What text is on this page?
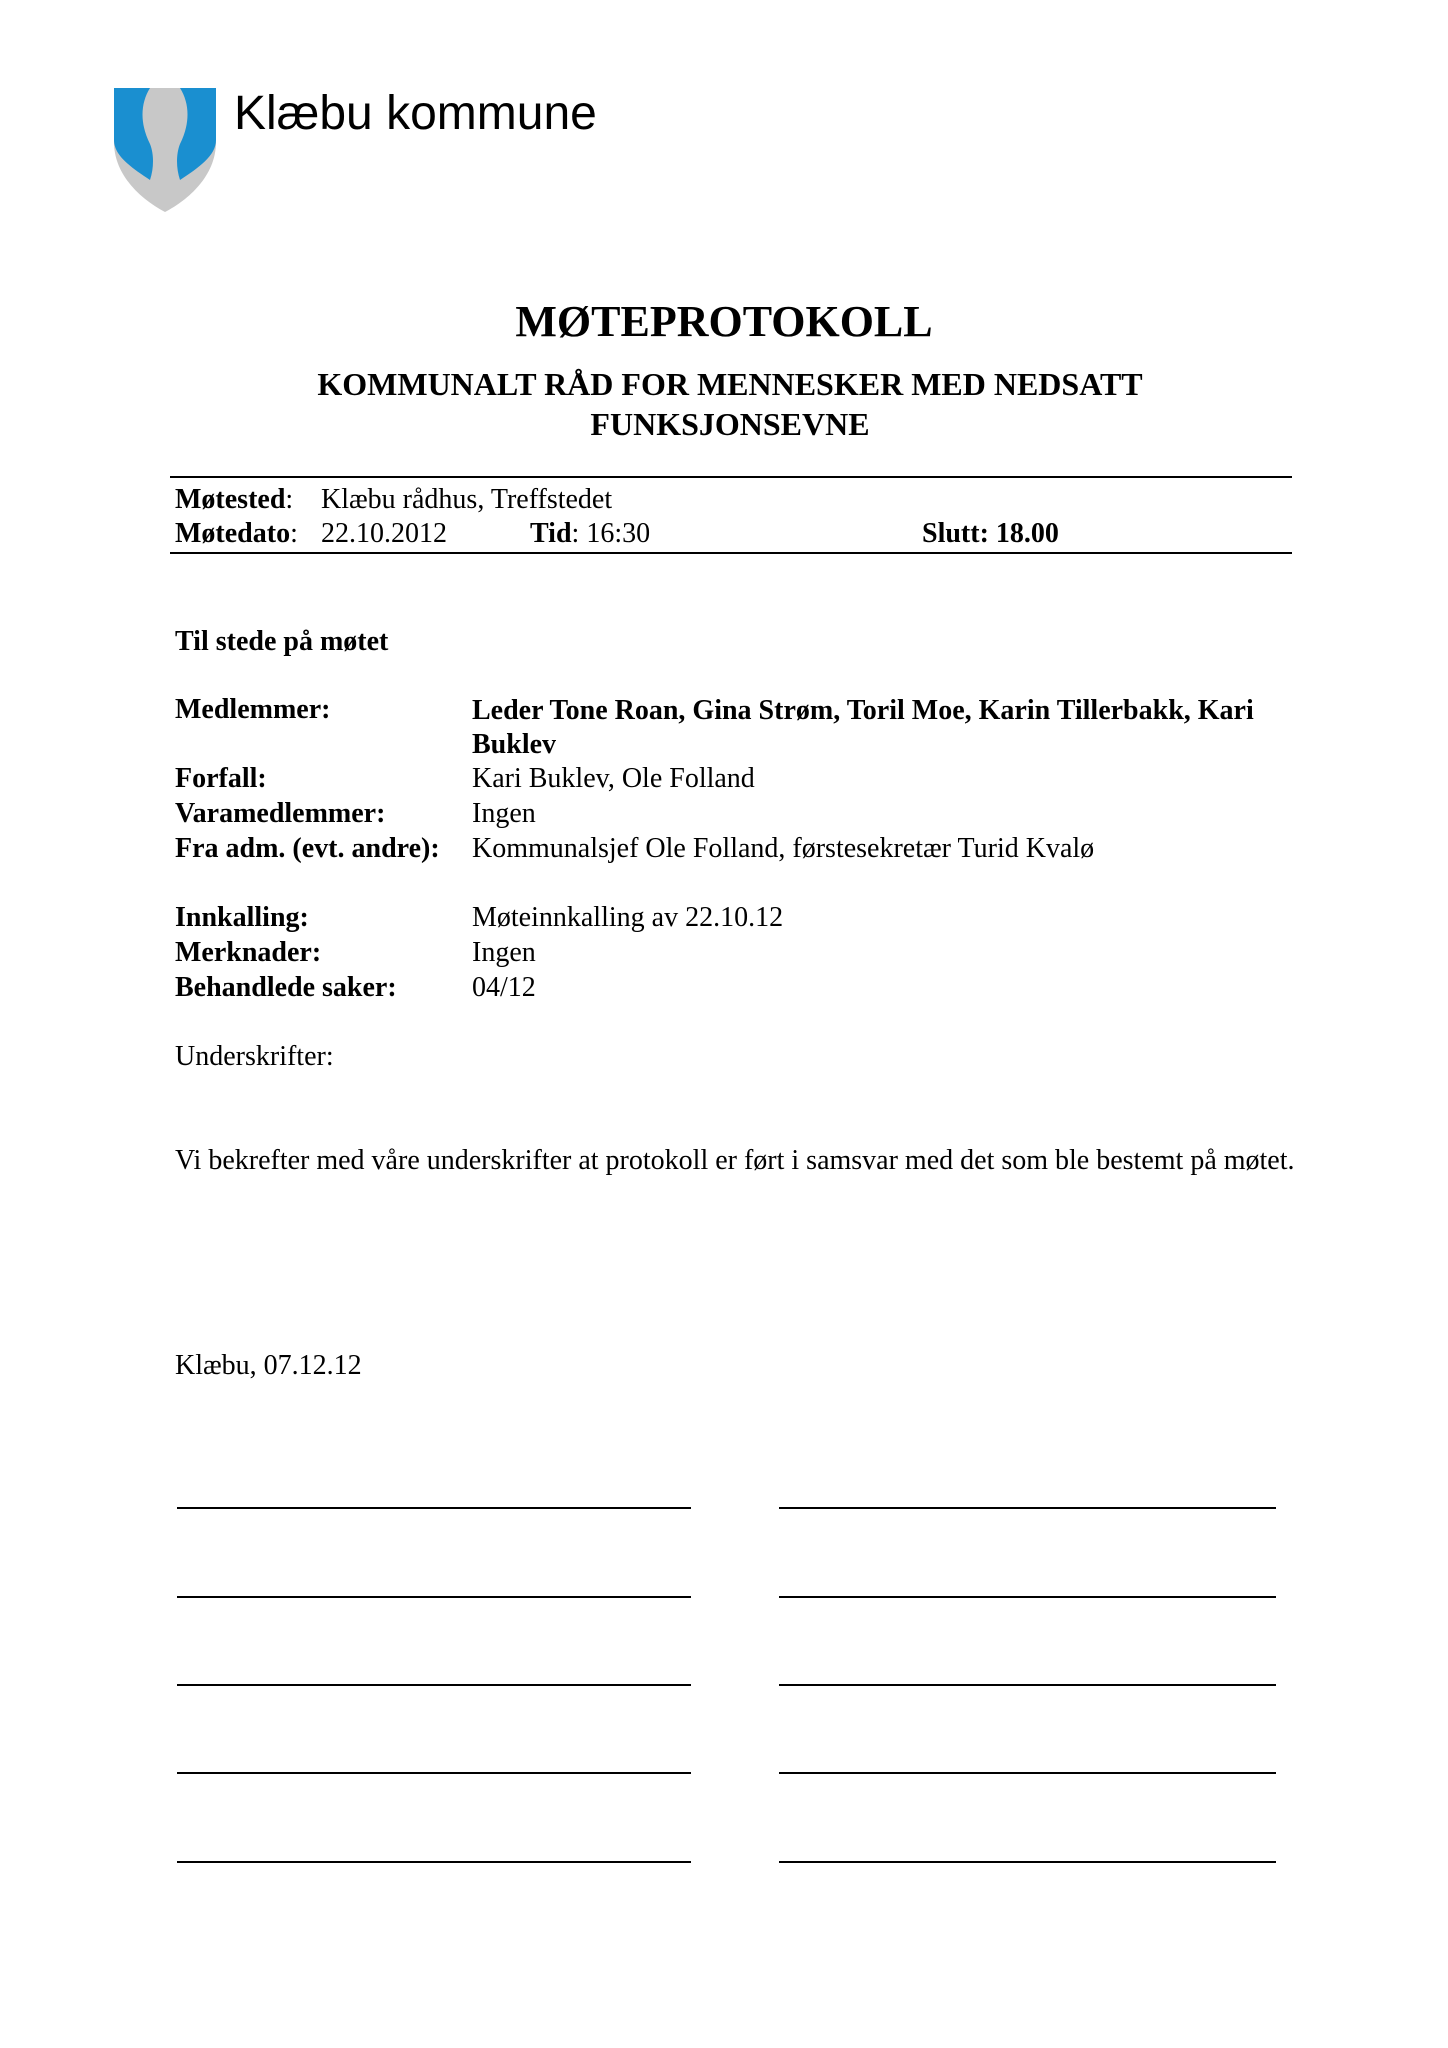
Klæbu kommune
MØTEPROTOKOLL
KOMMUNALT RÅD FOR MENNESKER MED NEDSATT FUNKSJONSEVNE
Møtested: Klæbu rådhus, Treffstedet
Møtedato: 22.10.2012	Tid: 16:30	Slutt: 18.00
Til stede på møtet
Medlemmer:	Leder Tone Roan, Gina Strøm, Toril Moe, Karin Tillerbakk, Kari Buklev
Forfall:	Kari Buklev, Ole Folland
Varamedlemmer:	Ingen
Fra adm. (evt. andre): Kommunalsjef Ole Folland, førstesekretær Turid Kvalø
Innkalling:	Møteinnkalling av 22.10.12
Merknader:	Ingen
Behandlede saker:	04/12
Underskrifter:
Vi bekrefter med våre underskrifter at protokoll er ført i samsvar med det som ble bestemt på møtet.
Klæbu, 07.12.12
